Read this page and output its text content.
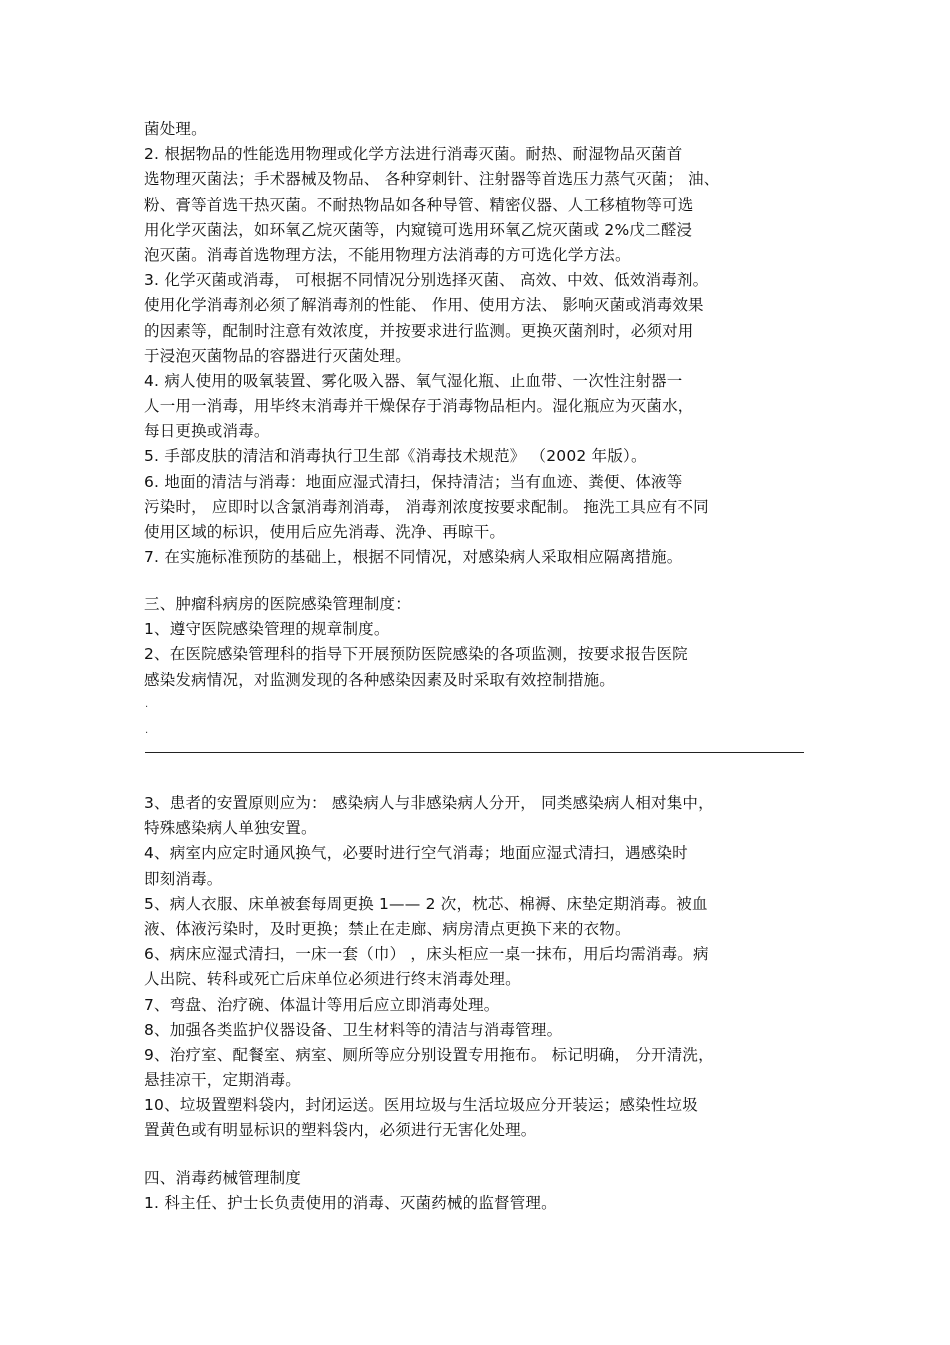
菌处理。
2. 根据物品的性能选用物理或化学方法进行消毒灭菌。耐热、耐湿物品灭菌首
选物理灭菌法；手术器械及物品、 各种穿刺针、注射器等首选压力蒸气灭菌； 油、
粉、膏等首选干热灭菌。不耐热物品如各种导管、精密仪器、人工移植物等可选
用化学灭菌法，如环氧乙烷灭菌等，内窥镜可选用环氧乙烷灭菌或 2%戊二醛浸
泡灭菌。消毒首选物理方法，不能用物理方法消毒的方可选化学方法。
3. 化学灭菌或消毒， 可根据不同情况分别选择灭菌、 高效、中效、低效消毒剂。
使用化学消毒剂必须了解消毒剂的性能、 作用、使用方法、 影响灭菌或消毒效果
的因素等，配制时注意有效浓度，并按要求进行监测。更换灭菌剂时，必须对用
于浸泡灭菌物品的容器进行灭菌处理。
4. 病人使用的吸氧装置、雾化吸入器、氧气湿化瓶、止血带、一次性注射器一
人一用一消毒，用毕终末消毒并干燥保存于消毒物品柜内。湿化瓶应为灭菌水，
每日更换或消毒。
5. 手部皮肤的清洁和消毒执行卫生部《消毒技术规范》 （2002 年版）。
6. 地面的清洁与消毒：地面应湿式清扫，保持清洁；当有血迹、粪便、体液等
污染时， 应即时以含氯消毒剂消毒， 消毒剂浓度按要求配制。 拖洗工具应有不同
使用区域的标识，使用后应先消毒、洗净、再晾干。
7. 在实施标准预防的基础上，根据不同情况，对感染病人采取相应隔离措施。
三、肿瘤科病房的医院感染管理制度：
1、遵守医院感染管理的规章制度。
2、在医院感染管理科的指导下开展预防医院感染的各项监测，按要求报告医院
感染发病情况，对监测发现的各种感染因素及时采取有效控制措施。
.
.
3、患者的安置原则应为： 感染病人与非感染病人分开， 同类感染病人相对集中，
特殊感染病人单独安置。
4、病室内应定时通风换气，必要时进行空气消毒；地面应湿式清扫，遇感染时
即刻消毒。
5、病人衣服、床单被套每周更换 1—— 2 次，枕芯、棉褥、床垫定期消毒。被血
液、体液污染时，及时更换；禁止在走廊、病房清点更换下来的衣物。
6、病床应湿式清扫，一床一套（巾） ，床头柜应一桌一抹布，用后均需消毒。病
人出院、转科或死亡后床单位必须进行终末消毒处理。
7、弯盘、治疗碗、体温计等用后应立即消毒处理。
8、加强各类监护仪器设备、卫生材料等的清洁与消毒管理。
9、治疗室、配餐室、病室、厕所等应分别设置专用拖布。 标记明确， 分开清洗，
悬挂凉干，定期消毒。
10、垃圾置塑料袋内，封闭运送。医用垃圾与生活垃圾应分开装运；感染性垃圾
置黄色或有明显标识的塑料袋内，必须进行无害化处理。
四、消毒药械管理制度
1. 科主任、护士长负责使用的消毒、灭菌药械的监督管理。
